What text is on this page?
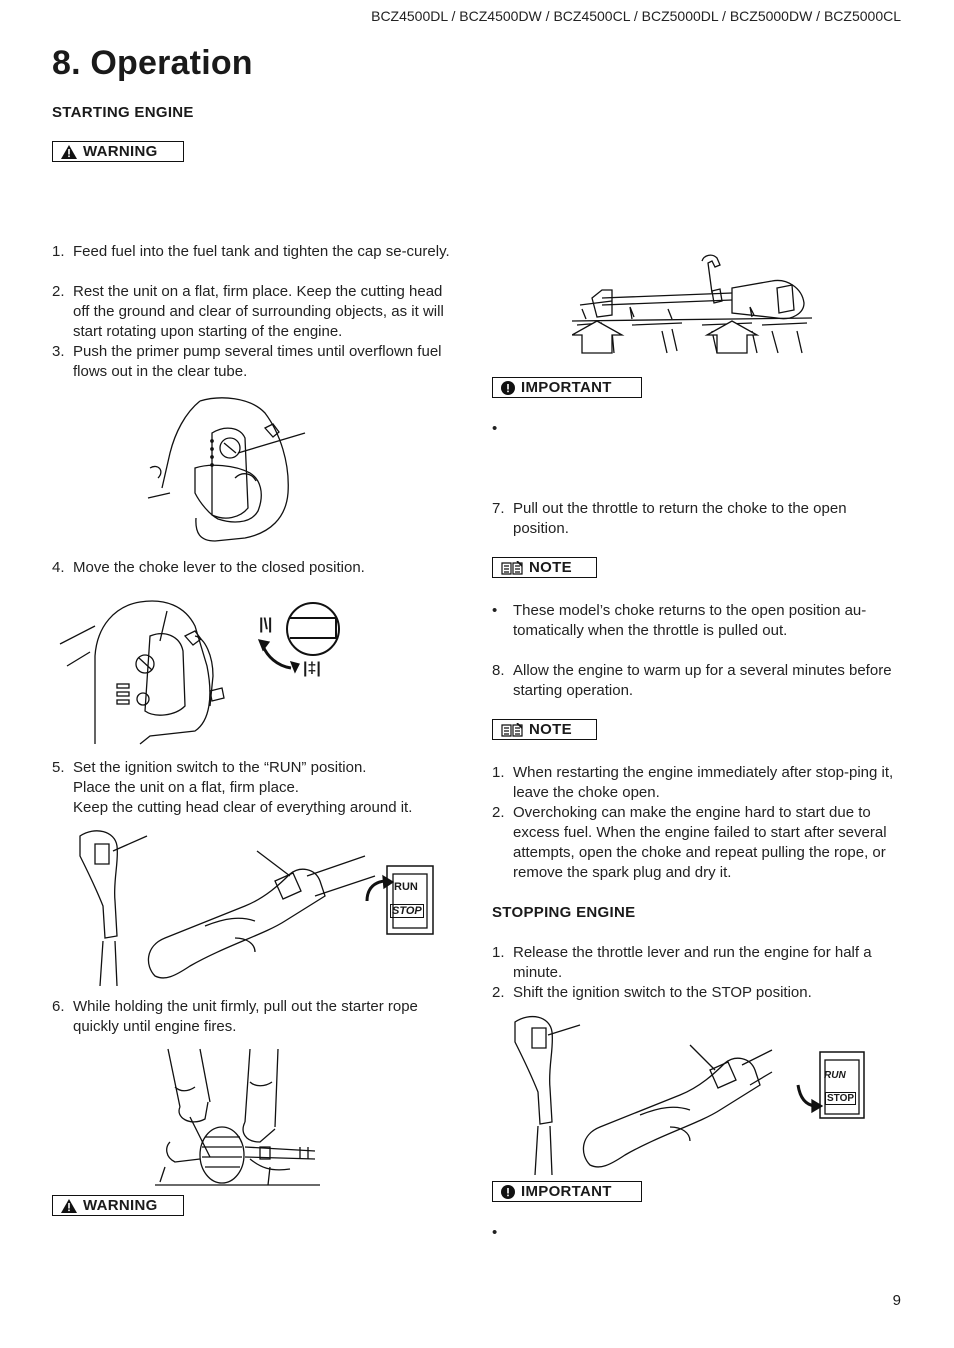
BCZ4500DL / BCZ4500DW / BCZ4500CL / BCZ5000DL / BCZ5000DW / BCZ5000CL
8. Operation
STARTING ENGINE
WARNING
1. Feed fuel into the fuel tank and tighten the cap se-curely.
2. Rest the unit on a flat, firm place. Keep the cutting head off the ground and clear of surrounding objects, as it will start rotating upon starting of the engine.
3. Push the primer pump several times until overflown fuel flows out in the clear tube.
4. Move the choke lever to the closed position.
|\|
|‡|
5. Set the ignition switch to the “RUN” position.
Place the unit on a flat, firm place.
Keep the cutting head clear of everything around it.
RUN
STOP
6. While holding the unit firmly, pull out the starter rope quickly until engine fires.
WARNING
IMPORTANT
•
7. Pull out the throttle to return the choke to the open position.
NOTE
• These model’s choke returns to the open position au-tomatically when the throttle is pulled out.
8. Allow the engine to warm up for a several minutes before starting operation.
NOTE
1. When restarting the engine immediately after stop-ping it, leave the choke open.
2. Overchoking can make the engine hard to start due to excess fuel. When the engine failed to start after several attempts, open the choke and repeat pulling the rope, or remove the spark plug and dry it.
STOPPING ENGINE
1. Release the throttle lever and run the engine for half a minute.
2. Shift the ignition switch to the STOP position.
RUN
STOP
IMPORTANT
•
9
